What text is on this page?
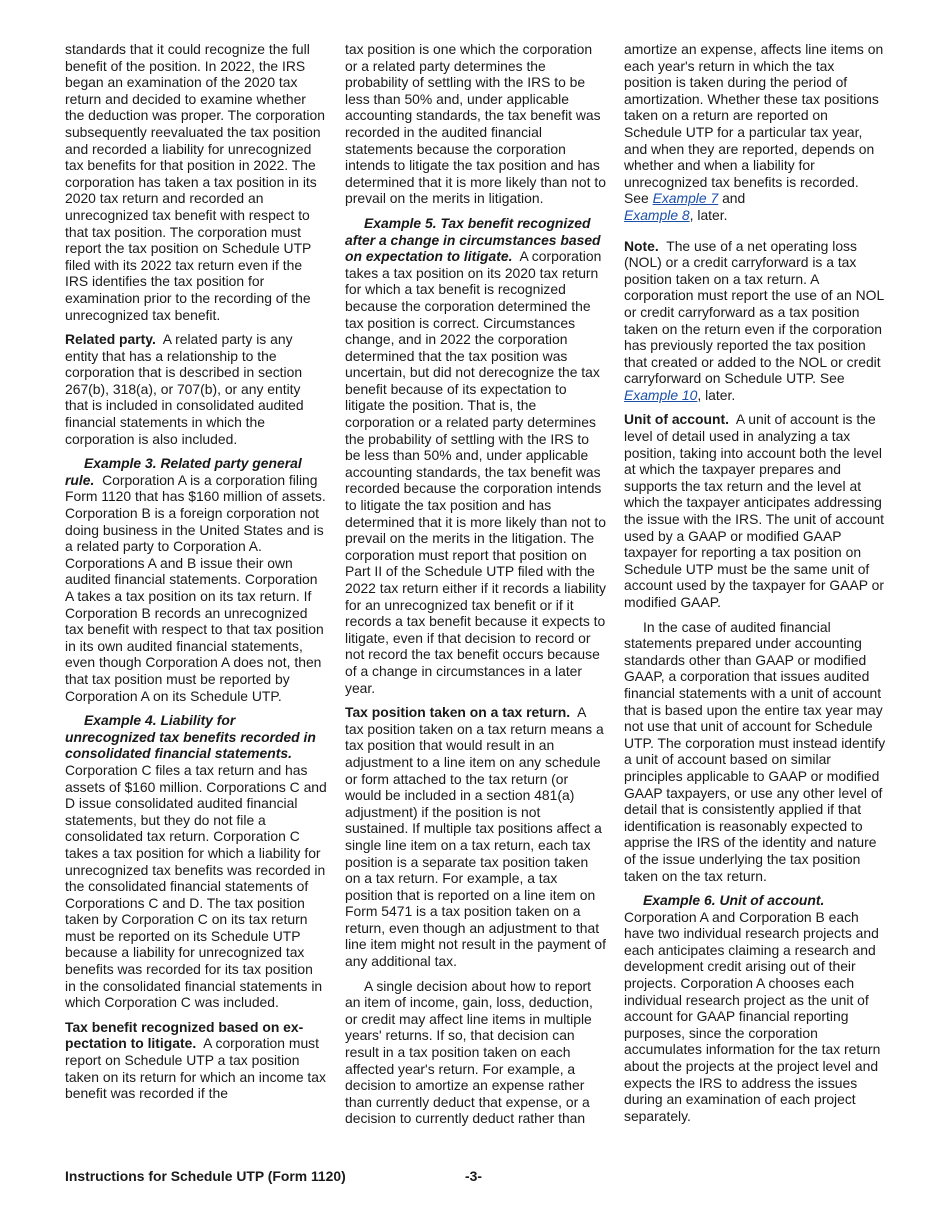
standards that it could recognize the full benefit of the position. In 2022, the IRS began an examination of the 2020 tax return and decided to examine whether the deduction was proper. The corporation subsequently reevaluated the tax position and recorded a liability for unrecognized tax benefits for that position in 2022. The corporation has taken a tax position in its 2020 tax return and recorded an unrecognized tax benefit with respect to that tax position. The corporation must report the tax position on Schedule UTP filed with its 2022 tax return even if the IRS identifies the tax position for examination prior to the recording of the unrecognized tax benefit.

Related party. A related party is any entity that has a relationship to the corporation that is described in section 267(b), 318(a), or 707(b), or any entity that is included in consolidated audited financial statements in which the corporation is also included.

Example 3. Related party general rule. Corporation A is a corporation filing Form 1120 that has $160 million of assets. Corporation B is a foreign corporation not doing business in the United States and is a related party to Corporation A. Corporations A and B issue their own audited financial statements. Corporation A takes a tax position on its tax return. If Corporation B records an unrecognized tax benefit with respect to that tax position in its own audited financial statements, even though Corporation A does not, then that tax position must be reported by Corporation A on its Schedule UTP.

Example 4. Liability for unrecognized tax benefits recorded in consolidated financial statements. Corporation C files a tax return and has assets of $160 million. Corporations C and D issue consolidated audited financial statements, but they do not file a consolidated tax return. Corporation C takes a tax position for which a liability for unrecognized tax benefits was recorded in the consolidated financial statements of Corporations C and D. The tax position taken by Corporation C on its tax return must be reported on its Schedule UTP because a liability for unrecognized tax benefits was recorded for its tax position in the consolidated financial statements in which Corporation C was included.

Tax benefit recognized based on ex-pectation to litigate. A corporation must report on Schedule UTP a tax position taken on its return for which an income tax benefit was recorded if the

tax position is one which the corporation or a related party determines the probability of settling with the IRS to be less than 50% and, under applicable accounting standards, the tax benefit was recorded in the audited financial statements because the corporation intends to litigate the tax position and has determined that it is more likely than not to prevail on the merits in litigation.

Example 5. Tax benefit recognized after a change in circumstances based on expectation to litigate. A corporation takes a tax position on its 2020 tax return for which a tax benefit is recognized because the corporation determined the tax position is correct. Circumstances change, and in 2022 the corporation determined that the tax position was uncertain, but did not derecognize the tax benefit because of its expectation to litigate the position. That is, the corporation or a related party determines the probability of settling with the IRS to be less than 50% and, under applicable accounting standards, the tax benefit was recorded because the corporation intends to litigate the tax position and has determined that it is more likely than not to prevail on the merits in the litigation. The corporation must report that position on Part II of the Schedule UTP filed with the 2022 tax return either if it records a liability for an unrecognized tax benefit or if it records a tax benefit because it expects to litigate, even if that decision to record or not record the tax benefit occurs because of a change in circumstances in a later year.

Tax position taken on a tax return. A tax position taken on a tax return means a tax position that would result in an adjustment to a line item on any schedule or form attached to the tax return (or would be included in a section 481(a) adjustment) if the position is not sustained. If multiple tax positions affect a single line item on a tax return, each tax position is a separate tax position taken on a tax return. For example, a tax position that is reported on a line item on Form 5471 is a tax position taken on a return, even though an adjustment to that line item might not result in the payment of any additional tax.

A single decision about how to report an item of income, gain, loss, deduction, or credit may affect line items in multiple years' returns. If so, that decision can result in a tax position taken on each affected year's return. For example, a decision to amortize an expense rather than currently deduct that expense, or a decision to currently deduct rather than

amortize an expense, affects line items on each year's return in which the tax position is taken during the period of amortization. Whether these tax positions taken on a return are reported on Schedule UTP for a particular tax year, and when they are reported, depends on whether and when a liability for unrecognized tax benefits is recorded. See Example 7 and
Example 8, later.

Note. The use of a net operating loss (NOL) or a credit carryforward is a tax position taken on a tax return. A corporation must report the use of an NOL or credit carryforward as a tax position taken on the return even if the corporation has previously reported the tax position that created or added to the NOL or credit carryforward on Schedule UTP. See Example 10, later.

Unit of account. A unit of account is the level of detail used in analyzing a tax position, taking into account both the level at which the taxpayer prepares and supports the tax return and the level at which the taxpayer anticipates addressing the issue with the IRS. The unit of account used by a GAAP or modified GAAP taxpayer for reporting a tax position on Schedule UTP must be the same unit of account used by the taxpayer for GAAP or modified GAAP.

In the case of audited financial statements prepared under accounting standards other than GAAP or modified GAAP, a corporation that issues audited financial statements with a unit of account that is based upon the entire tax year may not use that unit of account for Schedule UTP. The corporation must instead identify a unit of account based on similar principles applicable to GAAP or modified GAAP taxpayers, or use any other level of detail that is consistently applied if that identification is reasonably expected to apprise the IRS of the identity and nature of the issue underlying the tax position taken on the tax return.

Example 6. Unit of account.
Corporation A and Corporation B each have two individual research projects and each anticipates claiming a research and development credit arising out of their projects. Corporation A chooses each individual research project as the unit of account for GAAP financial reporting purposes, since the corporation accumulates information for the tax return about the projects at the project level and expects the IRS to address the issues during an examination of each project separately.

Instructions for Schedule UTP (Form 1120)	-3-
